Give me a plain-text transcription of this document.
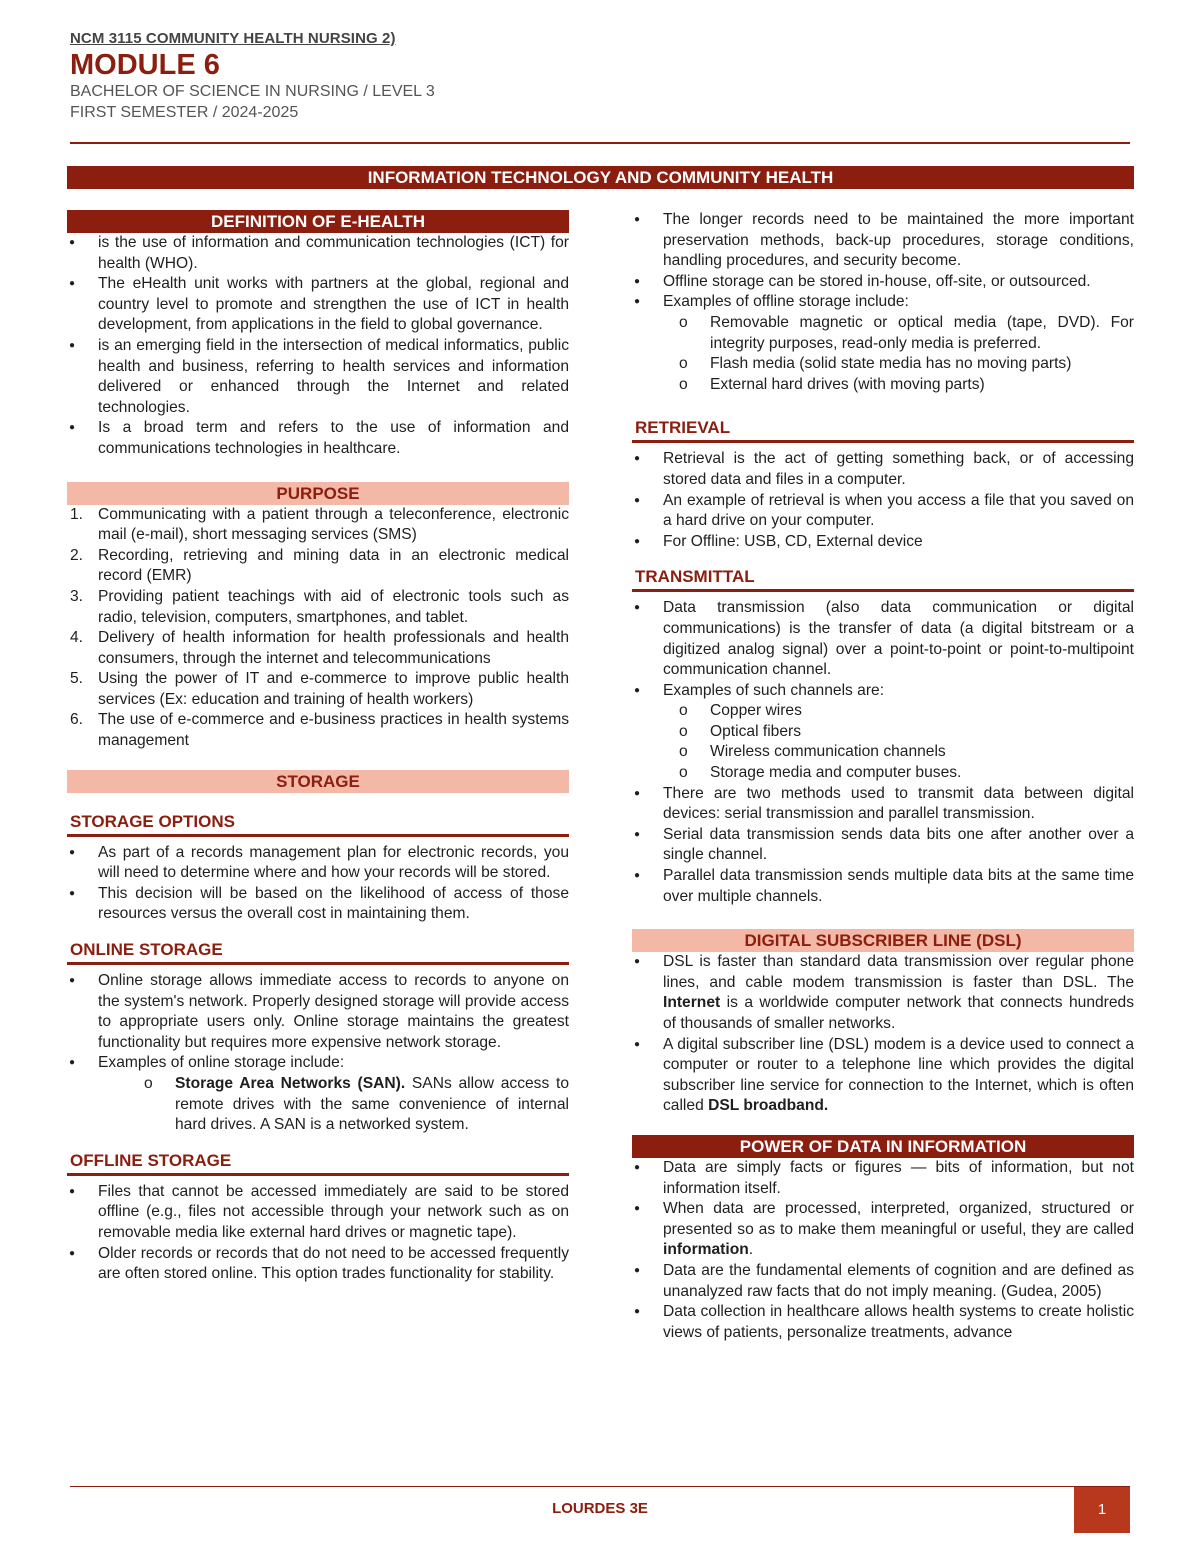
NCM 3115 COMMUNITY HEALTH NURSING 2)
MODULE 6
BACHELOR OF SCIENCE IN NURSING / LEVEL 3
FIRST SEMESTER / 2024-2025
INFORMATION TECHNOLOGY AND COMMUNITY HEALTH
DEFINITION OF E-HEALTH
● is the use of information and communication technologies (ICT) for health (WHO).
● The eHealth unit works with partners at the global, regional and country level to promote and strengthen the use of ICT in health development, from applications in the field to global governance.
● is an emerging field in the intersection of medical informatics, public health and business, referring to health services and information delivered or enhanced through the Internet and related technologies.
● Is a broad term and refers to the use of information and communications technologies in healthcare.
PURPOSE
1. Communicating with a patient through a teleconference, electronic mail (e-mail), short messaging services (SMS)
2. Recording, retrieving and mining data in an electronic medical record (EMR)
3. Providing patient teachings with aid of electronic tools such as radio, television, computers, smartphones, and tablet.
4. Delivery of health information for health professionals and health consumers, through the internet and telecommunications
5. Using the power of IT and e-commerce to improve public health services (Ex: education and training of health workers)
6. The use of e-commerce and e-business practices in health systems management
STORAGE
STORAGE OPTIONS
● As part of a records management plan for electronic records, you will need to determine where and how your records will be stored.
● This decision will be based on the likelihood of access of those resources versus the overall cost in maintaining them.
ONLINE STORAGE
● Online storage allows immediate access to records to anyone on the system's network. Properly designed storage will provide access to appropriate users only. Online storage maintains the greatest functionality but requires more expensive network storage.
● Examples of online storage include:
o Storage Area Networks (SAN). SANs allow access to remote drives with the same convenience of internal hard drives. A SAN is a networked system.
OFFLINE STORAGE
● Files that cannot be accessed immediately are said to be stored offline (e.g., files not accessible through your network such as on removable media like external hard drives or magnetic tape).
● Older records or records that do not need to be accessed frequently are often stored online. This option trades functionality for stability.
● The longer records need to be maintained the more important preservation methods, back-up procedures, storage conditions, handling procedures, and security become.
● Offline storage can be stored in-house, off-site, or outsourced.
● Examples of offline storage include:
o Removable magnetic or optical media (tape, DVD). For integrity purposes, read-only media is preferred.
o Flash media (solid state media has no moving parts)
o External hard drives (with moving parts)
RETRIEVAL
● Retrieval is the act of getting something back, or of accessing stored data and files in a computer.
● An example of retrieval is when you access a file that you saved on a hard drive on your computer.
● For Offline: USB, CD, External device
TRANSMITTAL
● Data transmission (also data communication or digital communications) is the transfer of data (a digital bitstream or a digitized analog signal) over a point-to-point or point-to-multipoint communication channel.
● Examples of such channels are:
o Copper wires
o Optical fibers
o Wireless communication channels
o Storage media and computer buses.
● There are two methods used to transmit data between digital devices: serial transmission and parallel transmission.
● Serial data transmission sends data bits one after another over a single channel.
● Parallel data transmission sends multiple data bits at the same time over multiple channels.
DIGITAL SUBSCRIBER LINE (DSL)
● DSL is faster than standard data transmission over regular phone lines, and cable modem transmission is faster than DSL. The Internet is a worldwide computer network that connects hundreds of thousands of smaller networks.
● A digital subscriber line (DSL) modem is a device used to connect a computer or router to a telephone line which provides the digital subscriber line service for connection to the Internet, which is often called DSL broadband.
POWER OF DATA IN INFORMATION
● Data are simply facts or figures — bits of information, but not information itself.
● When data are processed, interpreted, organized, structured or presented so as to make them meaningful or useful, they are called information.
● Data are the fundamental elements of cognition and are defined as unanalyzed raw facts that do not imply meaning. (Gudea, 2005)
● Data collection in healthcare allows health systems to create holistic views of patients, personalize treatments, advance
LOURDES 3E	1
